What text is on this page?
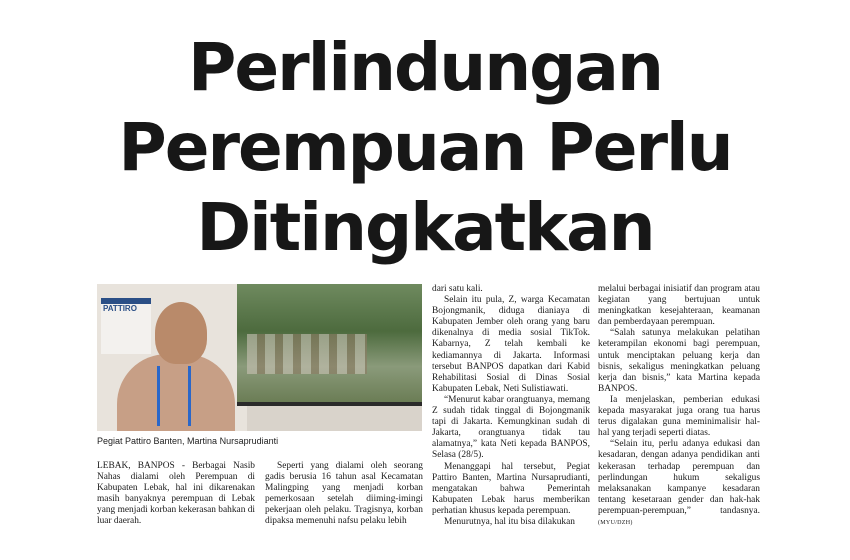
Perlindungan
Perempuan Perlu
Ditingkatkan
PATTIRO

Pegiat Pattiro Banten, Martina Nursaprudianti

LEBAK, BANPOS - Berbagai Nasib Nahas dialami oleh Perempuan di Kabupaten Lebak, hal ini dikarenakan masih banyaknya perempuan di Lebak yang menjadi korban kekerasan bahkan di luar daerah.

Seperti yang dialami oleh seorang gadis berusia 16 tahun asal Kecamatan Malingping yang menjadi korban pemerkosaan setelah diiming-imingi pekerjaan oleh pelaku. Tragisnya, korban dipaksa memenuhi nafsu pelaku lebih

dari satu kali.

Selain itu pula, Z, warga Kecamatan Bojongmanik, diduga dianiaya di Kabupaten Jember oleh orang yang baru dikenalnya di media sosial TikTok. Kabarnya, Z telah kembali ke kediamannya di Jakarta. Informasi tersebut BANPOS dapatkan dari Kabid Rehabilitasi Sosial di Dinas Sosial Kabupaten Lebak, Neti Sulistiawati.

“Menurut kabar orangtuanya, memang Z sudah tidak tinggal di Bojongmanik tapi di Jakarta. Kemungkinan sudah di Jakarta, orangtuanya tidak tau alamatnya,” kata Neti kepada BANPOS, Selasa (28/5).

Menanggapi hal tersebut, Pegiat Pattiro Banten, Martina Nursaprudianti, mengatakan bahwa Pemerintah Kabupaten Lebak harus memberikan perhatian khusus kepada perempuan.

Menurutnya, hal itu bisa dilakukan

melalui berbagai inisiatif dan program atau kegiatan yang bertujuan untuk meningkatkan kesejahteraan, keamanan dan pemberdayaan perempuan.

“Salah satunya melakukan pelatihan keterampilan ekonomi bagi perempuan, untuk menciptakan peluang kerja dan bisnis, sekaligus meningkatkan peluang kerja dan bisnis,” kata Martina kepada BANPOS.

Ia menjelaskan, pemberian edukasi kepada masyarakat juga orang tua harus terus digalakan guna meminimalisir hal-hal yang terjadi seperti diatas.

“Selain itu, perlu adanya edukasi dan kesadaran, dengan adanya pendidikan anti kekerasan terhadap perempuan dan perlindungan hukum sekaligus melaksanakan kampanye kesadaran tentang kesetaraan gender dan hak-hak perempuan-perempuan,” tandasnya.(MYU/DZH)
